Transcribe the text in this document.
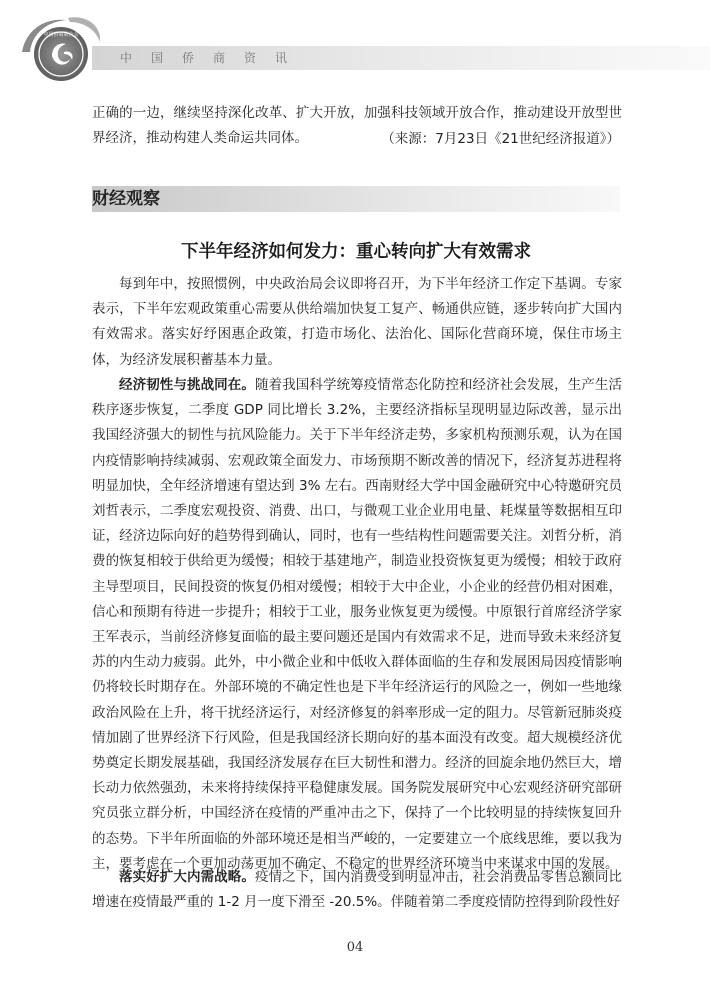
中国侨商联合会
中国侨商资讯

正确的一边，继续坚持深化改革、扩大开放，加强科技领域开放合作，推动建设开放型世界经济，推动构建人类命运共同体。	（来源：7月23日《21世纪经济报道》）
财经观察
下半年经济如何发力：重心转向扩大有效需求

每到年中，按照惯例，中央政治局会议即将召开，为下半年经济工作定下基调。专家表示，下半年宏观政策重心需要从供给端加快复工复产、畅通供应链，逐步转向扩大国内有效需求。落实好纾困惠企政策，打造市场化、法治化、国际化营商环境，保住市场主体，为经济发展积蓄基本力量。

经济韧性与挑战同在。随着我国科学统筹疫情常态化防控和经济社会发展，生产生活秩序逐步恢复，二季度 GDP 同比增长 3.2%，主要经济指标呈现明显边际改善，显示出我国经济强大的韧性与抗风险能力。关于下半年经济走势，多家机构预测乐观，认为在国内疫情影响持续减弱、宏观政策全面发力、市场预期不断改善的情况下，经济复苏进程将明显加快，全年经济增速有望达到 3% 左右。西南财经大学中国金融研究中心特邀研究员刘哲表示，二季度宏观投资、消费、出口，与微观工业企业用电量、耗煤量等数据相互印证，经济边际向好的趋势得到确认，同时，也有一些结构性问题需要关注。刘哲分析，消费的恢复相较于供给更为缓慢；相较于基建地产，制造业投资恢复更为缓慢；相较于政府主导型项目，民间投资的恢复仍相对缓慢；相较于大中企业，小企业的经营仍相对困难，信心和预期有待进一步提升；相较于工业，服务业恢复更为缓慢。中原银行首席经济学家王军表示，当前经济修复面临的最主要问题还是国内有效需求不足，进而导致未来经济复苏的内生动力疲弱。此外，中小微企业和中低收入群体面临的生存和发展困局因疫情影响仍将较长时期存在。外部环境的不确定性也是下半年经济运行的风险之一，例如一些地缘政治风险在上升，将干扰经济运行，对经济修复的斜率形成一定的阻力。尽管新冠肺炎疫情加剧了世界经济下行风险，但是我国经济长期向好的基本面没有改变。超大规模经济优势奠定长期发展基础，我国经济发展存在巨大韧性和潜力。经济的回旋余地仍然巨大，增长动力依然强劲，未来将持续保持平稳健康发展。国务院发展研究中心宏观经济研究部研究员张立群分析，中国经济在疫情的严重冲击之下，保持了一个比较明显的持续恢复回升的态势。下半年所面临的外部环境还是相当严峻的，一定要建立一个底线思维，要以我为主，要考虑在一个更加动荡更加不确定、不稳定的世界经济环境当中来谋求中国的发展。

落实好扩大内需战略。疫情之下，国内消费受到明显冲击，社会消费品零售总额同比增速在疫情最严重的 1-2 月一度下滑至 -20.5%。伴随着第二季度疫情防控得到阶段性好

04
